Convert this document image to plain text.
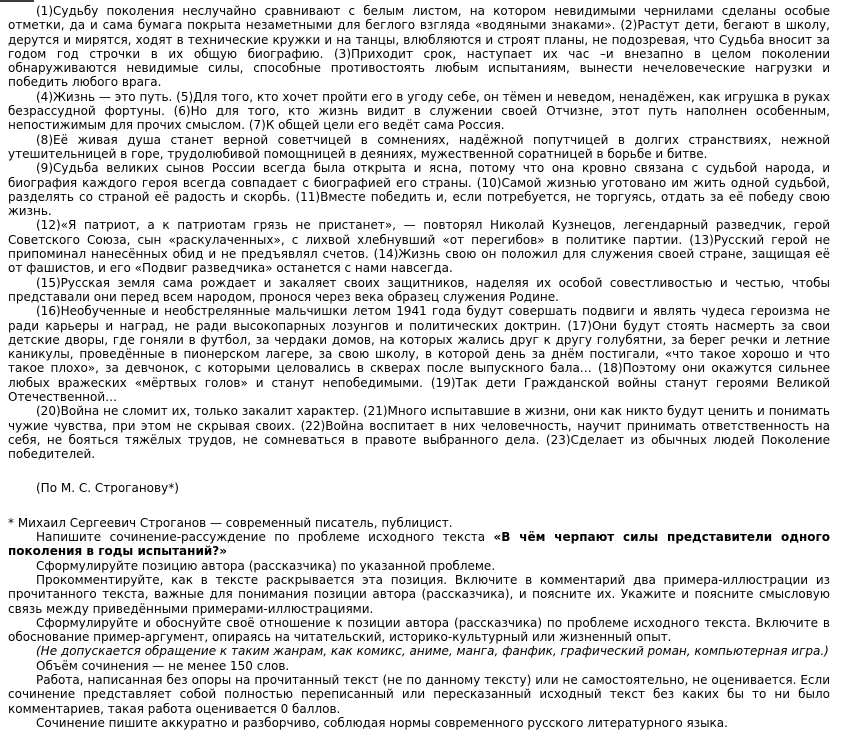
(1)Судьбу поколения неслучайно сравнивают с белым листом, на котором невидимыми чернилами сделаны особые отметки, да и сама бумага покрыта незаметными для беглого взгляда «водяными знаками». (2)Растут дети, бегают в школу, дерутся и мирятся, ходят в технические кружки и на танцы, влюбляются и строят планы, не подозревая, что Судьба вносит за годом год строчки в их общую биографию. (3)Приходит срок, наступает их час –и внезапно в целом поколении обнаруживаются невидимые силы, способные противостоять любым испытаниям, вынести нечеловеческие нагрузки и победить любого врага.

(4)Жизнь — это путь. (5)Для того, кто хочет пройти его в угоду себе, он тёмен и неведом, ненадёжен, как игрушка в руках безрассудной фортуны. (6)Но для того, кто жизнь видит в служении своей Отчизне, этот путь наполнен особенным, непостижимым для прочих смыслом. (7)К общей цели его ведёт сама Россия.

(8)Её живая душа станет верной советчицей в сомнениях, надёжной попутчицей в долгих странствиях, нежной утешительницей в горе, трудолюбивой помощницей в деяниях, мужественной соратницей в борьбе и битве.

(9)Судьба великих сынов России всегда была открыта и ясна, потому что она кровно связана с судьбой народа, и биография каждого героя всегда совпадает с биографией его страны. (10)Самой жизнью уготовано им жить одной судьбой, разделять со страной её радость и скорбь. (11)Вместе победить и, если потребуется, не торгуясь, отдать за её победу свою жизнь.

(12)«Я патриот, а к патриотам грязь не пристанет», — повторял Николай Кузнецов, легендарный разведчик, герой Советского Союза, сын «раскулаченных», с лихвой хлебнувший «от перегибов» в политике партии. (13)Русский герой не припоминал нанесённых обид и не предъявлял счетов. (14)Жизнь свою он положил для служения своей стране, защищая её от фашистов, и его «Подвиг разведчика» останется с нами навсегда.

(15)Русская земля сама рождает и закаляет своих защитников, наделяя их особой совестливостью и честью, чтобы представали они перед всем народом, пронося через века образец служения Родине.

(16)Необученные и необстрелянные мальчишки летом 1941 года будут совершать подвиги и являть чудеса героизма не ради карьеры и наград, не ради высокопарных лозунгов и политических доктрин. (17)Они будут стоять насмерть за свои детские дворы, где гоняли в футбол, за чердаки домов, на которых жались друг к другу голубятни, за берег речки и летние каникулы, проведённые в пионерском лагере, за свою школу, в которой день за днём постигали, «что такое хорошо и что такое плохо», за девчонок, с которыми целовались в скверах после выпускного бала… (18)Поэтому они окажутся сильнее любых вражеских «мёртвых голов» и станут непобедимыми. (19)Так дети Гражданской войны станут героями Великой Отечественной…

(20)Война не сломит их, только закалит характер. (21)Много испытавшие в жизни, они как никто будут ценить и понимать чужие чувства, при этом не скрывая своих. (22)Война воспитает в них человечность, научит принимать ответственность на себя, не бояться тяжёлых трудов, не сомневаться в правоте выбранного дела. (23)Сделает из обычных людей Поколение победителей.

(По М. С. Строганову*)

* Михаил Сергеевич Строганов — современный писатель, публицист.

Напишите сочинение-рассуждение по проблеме исходного текста «В чём черпают силы представители одного поколения в годы испытаний?»

Сформулируйте позицию автора (рассказчика) по указанной проблеме.

Прокомментируйте, как в тексте раскрывается эта позиция. Включите в комментарий два примера-иллюстрации из прочитанного текста, важные для понимания позиции автора (рассказчика), и поясните их. Укажите и поясните смысловую связь между приведёнными примерами-иллюстрациями.

Сформулируйте и обоснуйте своё отношение к позиции автора (рассказчика) по проблеме исходного текста. Включите в обоснование пример-аргумент, опираясь на читательский, историко-культурный или жизненный опыт.

(Не допускается обращение к таким жанрам, как комикс, аниме, манга, фанфик, графический роман, компьютерная игра.)

Объём сочинения — не менее 150 слов.

Работа, написанная без опоры на прочитанный текст (не по данному тексту) или не самостоятельно, не оценивается. Если сочинение представляет собой полностью переписанный или пересказанный исходный текст без каких бы то ни было комментариев, такая работа оценивается 0 баллов.

Сочинение пишите аккуратно и разборчиво, соблюдая нормы современного русского литературного языка.
